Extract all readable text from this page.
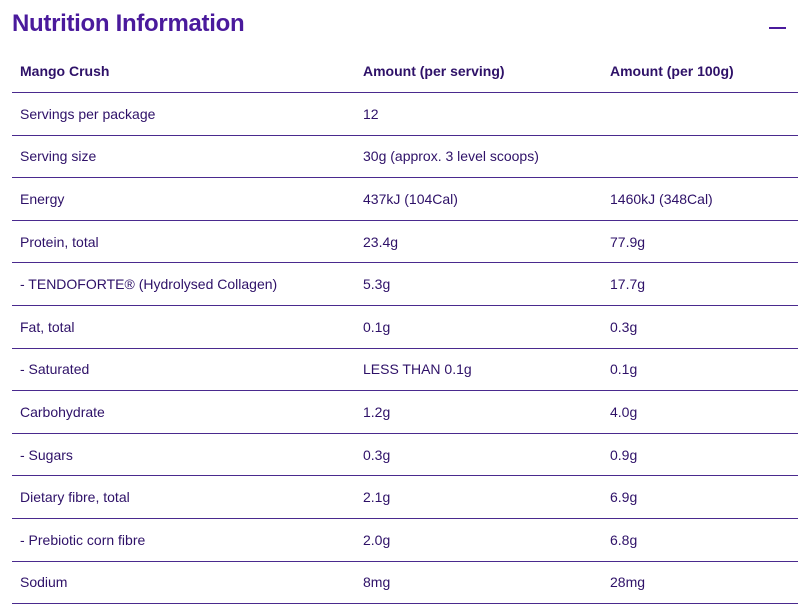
Nutrition Information
Mango Crush	Amount (per serving)	Amount (per 100g)
Servings per package	12	
Serving size	30g (approx. 3 level scoops)	
Energy	437kJ (104Cal)	1460kJ (348Cal)
Protein, total	23.4g	77.9g
- TENDOFORTE® (Hydrolysed Collagen)	5.3g	17.7g
Fat, total	0.1g	0.3g
- Saturated	LESS THAN 0.1g	0.1g
Carbohydrate	1.2g	4.0g
- Sugars	0.3g	0.9g
Dietary fibre, total	2.1g	6.9g
- Prebiotic corn fibre	2.0g	6.8g
Sodium	8mg	28mg
